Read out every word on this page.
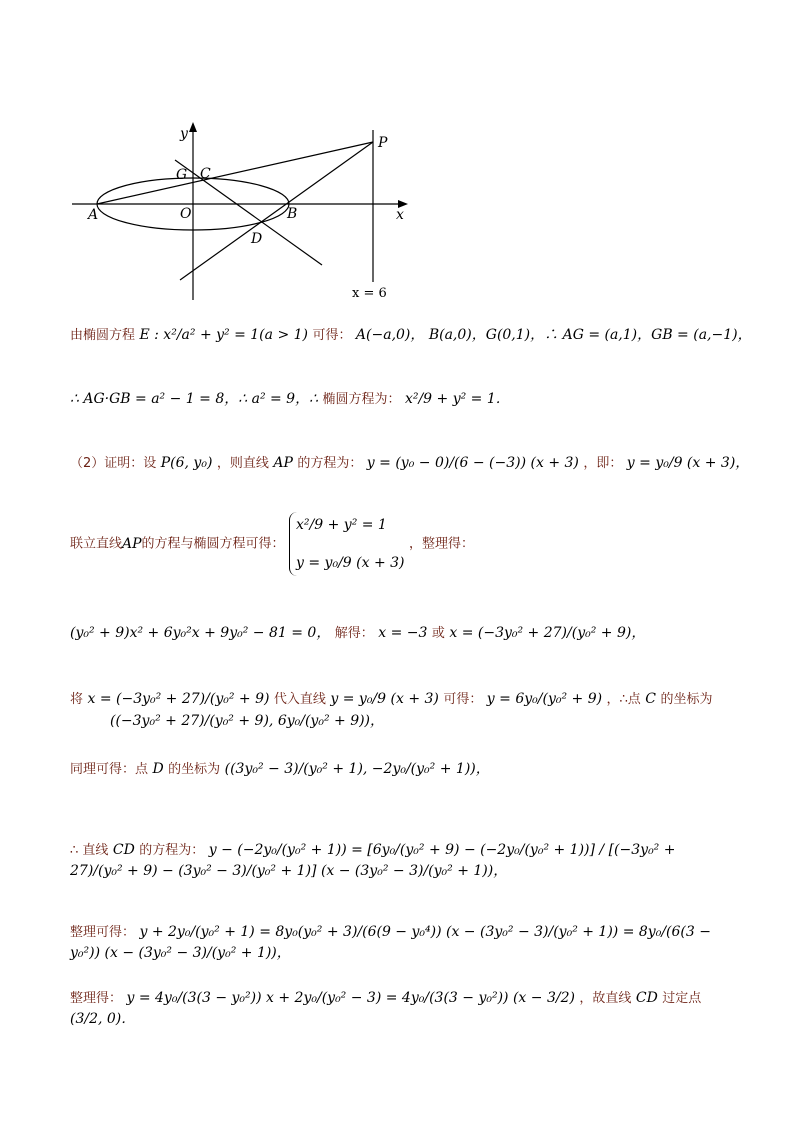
y
x
P
G C
A	O	B
D
x = 6
由椭圆方程 E : x²/a² + y² = 1(a > 1) 可得： A(−a,0)， B(a,0)，G(0,1)，∴ AG = (a,1)，GB = (a,−1)，
∴ AG·GB = a² − 1 = 8，∴ a² = 9，∴ 椭圆方程为： x²/9 + y² = 1．
（2）证明：设 P(6, y₀) ，则直线 AP 的方程为： y = (y₀ − 0)/(6 − (−3)) (x + 3) ，即： y = y₀/9 (x + 3)，
联立直线AP的方程与椭圆方程可得：
x²/9 + y² = 1
y = y₀/9 (x + 3)
，整理得：
(y₀² + 9)x² + 6y₀²x + 9y₀² − 81 = 0， 解得： x = −3 或 x = (−3y₀² + 27)/(y₀² + 9)，
将 x = (−3y₀² + 27)/(y₀² + 9) 代入直线 y = y₀/9 (x + 3) 可得： y = 6y₀/(y₀² + 9) ，∴点 C 的坐标为
((−3y₀² + 27)/(y₀² + 9), 6y₀/(y₀² + 9))，
同理可得：点 D 的坐标为 ((3y₀² − 3)/(y₀² + 1), −2y₀/(y₀² + 1))，
∴ 直线 CD 的方程为： y − (−2y₀/(y₀² + 1)) = [6y₀/(y₀² + 9) − (−2y₀/(y₀² + 1))] / [(−3y₀² + 27)/(y₀² + 9) − (3y₀² − 3)/(y₀² + 1)] (x − (3y₀² − 3)/(y₀² + 1))，
整理可得： y + 2y₀/(y₀² + 1) = 8y₀(y₀² + 3)/(6(9 − y₀⁴)) (x − (3y₀² − 3)/(y₀² + 1)) = 8y₀/(6(3 − y₀²)) (x − (3y₀² − 3)/(y₀² + 1))，
整理得： y = 4y₀/(3(3 − y₀²)) x + 2y₀/(y₀² − 3) = 4y₀/(3(3 − y₀²)) (x − 3/2) ，故直线 CD 过定点 (3/2, 0)．
